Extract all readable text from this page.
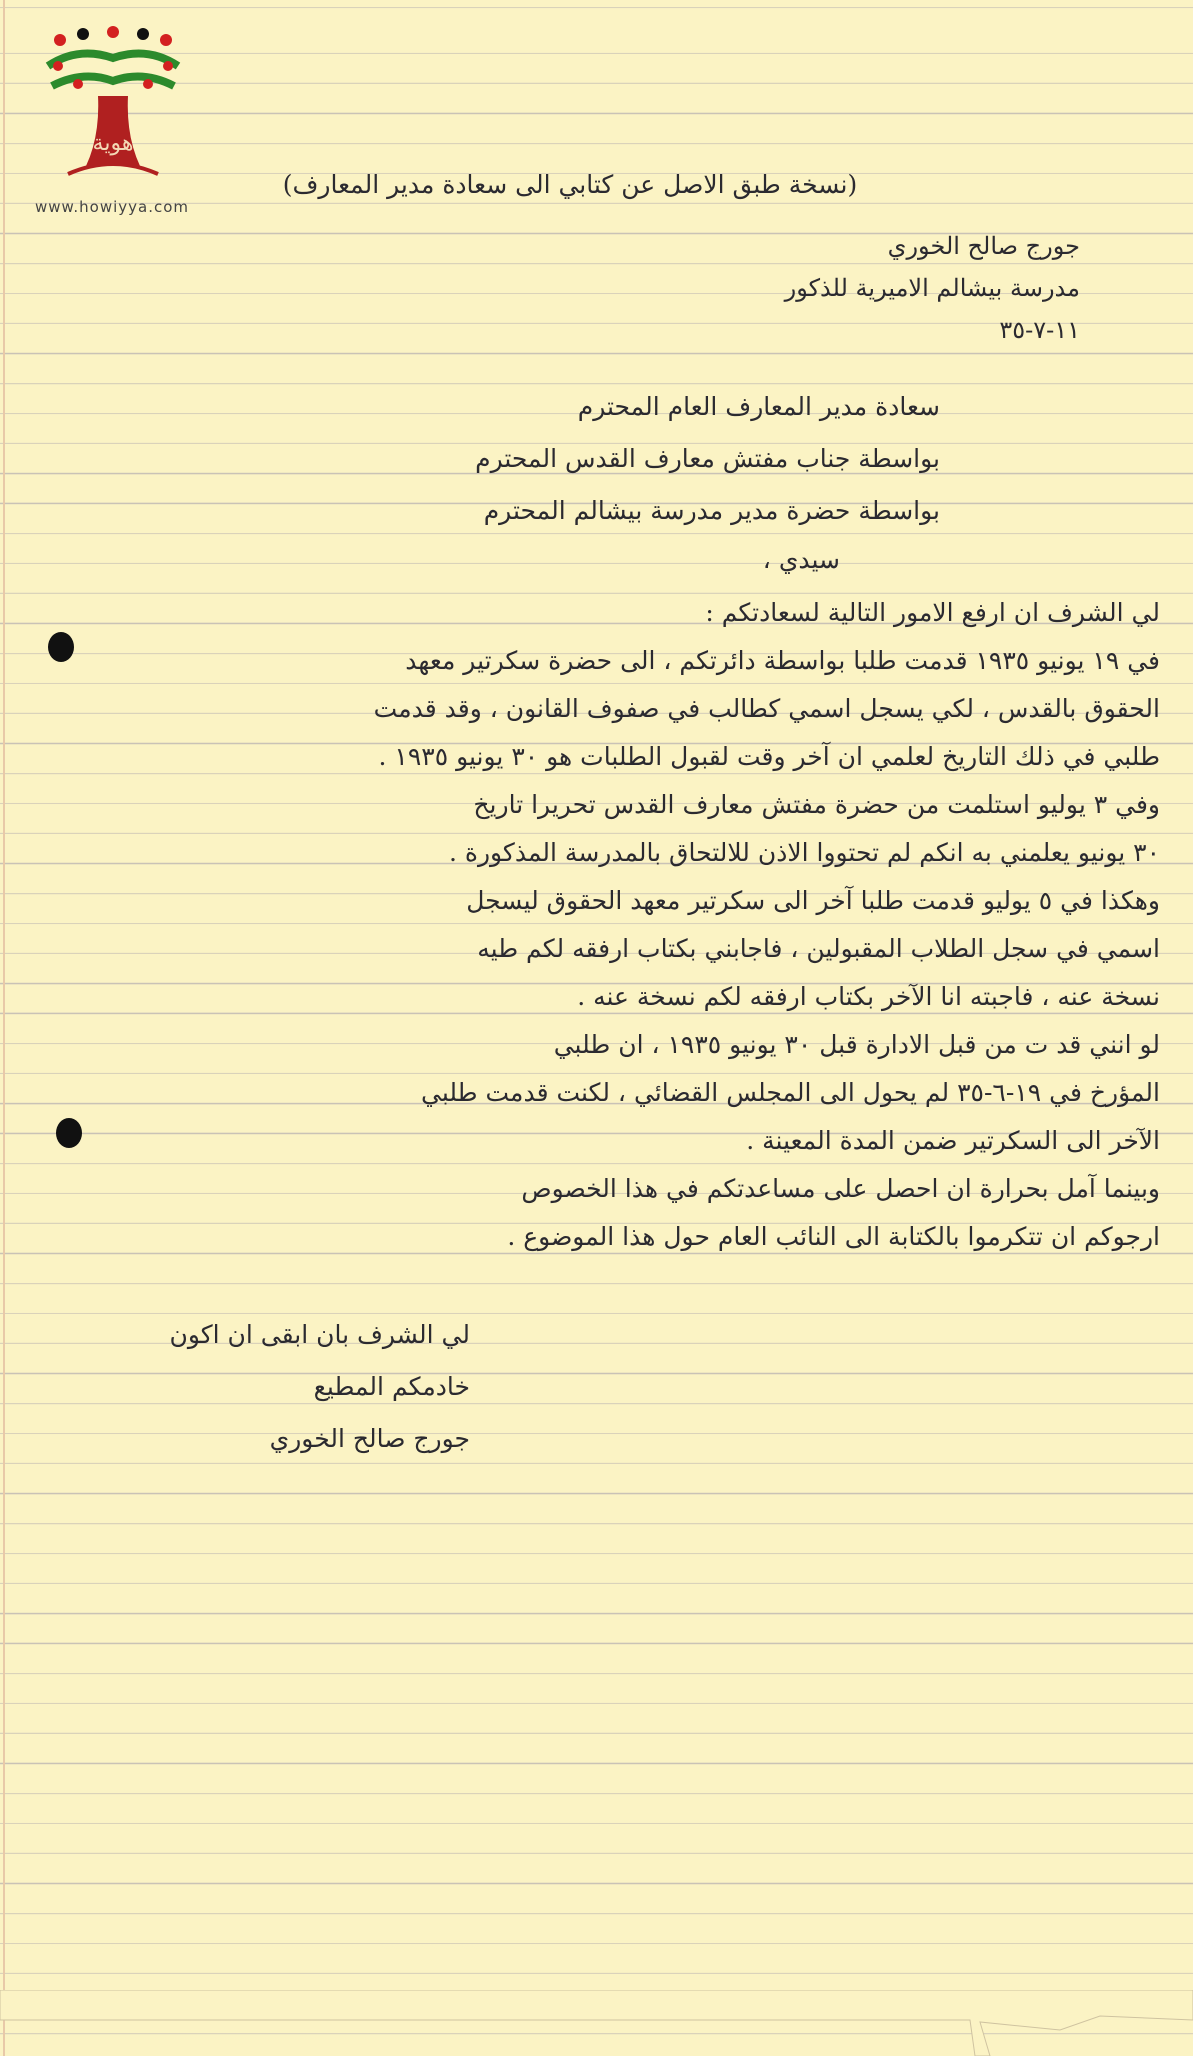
هوية
www.howiyya.com
(نسخة طبق الاصل عن كتابي الى سعادة مدير المعارف)
جورج صالح الخوري
مدرسة بيشالم الاميرية للذكور
١١-٧-٣٥
سعادة مدير المعارف العام المحترم
بواسطة جناب مفتش معارف القدس المحترم
بواسطة حضرة مدير مدرسة بيشالم المحترم
سيدي ،
لي الشرف ان ارفع الامور التالية لسعادتكم :
في ١٩ يونيو ١٩٣٥ قدمت طلبا بواسطة دائرتكم ، الى حضرة سكرتير معهد
الحقوق بالقدس ، لكي يسجل اسمي كطالب في صفوف القانون ، وقد قدمت
طلبي في ذلك التاريخ لعلمي ان آخر وقت لقبول الطلبات هو ٣٠ يونيو ١٩٣٥ .
وفي ٣ يوليو استلمت من حضرة مفتش معارف القدس تحريرا تاريخ
٣٠ يونيو يعلمني به انكم لم تحتووا الاذن للالتحاق بالمدرسة المذكورة .
وهكذا في ٥ يوليو قدمت طلبا آخر الى سكرتير معهد الحقوق ليسجل
اسمي في سجل الطلاب المقبولين ، فاجابني بكتاب ارفقه لكم طيه
نسخة عنه ، فاجبته انا الآخر بكتاب ارفقه لكم نسخة عنه .
لو انني قد ت من قبل الادارة قبل ٣٠ يونيو ١٩٣٥ ، ان طلبي
المؤرخ في ١٩-٦-٣٥ لم يحول الى المجلس القضائي ، لكنت قدمت طلبي
الآخر الى السكرتير ضمن المدة المعينة .
وبينما آمل بحرارة ان احصل على مساعدتكم في هذا الخصوص
ارجوكم ان تتكرموا بالكتابة الى النائب العام حول هذا الموضوع .
لي الشرف بان ابقى ان اكون
خادمكم المطيع
جورج صالح الخوري
